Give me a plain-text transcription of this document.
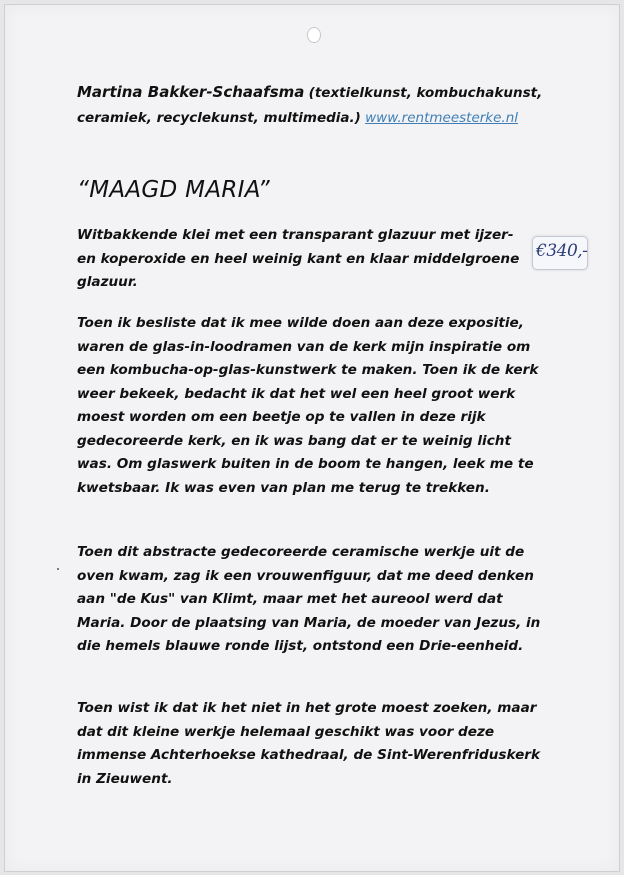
Martina Bakker-Schaafsma (textielkunst, kombuchakunst, ceramiek, recyclekunst, multimedia.) www.rentmeesterke.nl
“MAAGD MARIA”

Witbakkende klei met een transparant glazuur met ijzer- en koperoxide en heel weinig kant en klaar middelgroene glazuur.

€340,-

Toen ik besliste dat ik mee wilde doen aan deze expositie, waren de glas-in-loodramen van de kerk mijn inspiratie om een kombucha-op-glas-kunstwerk te maken. Toen ik de kerk weer bekeek, bedacht ik dat het wel een heel groot werk moest worden om een beetje op te vallen in deze rijk gedecoreerde kerk, en ik was bang dat er te weinig licht was. Om glaswerk buiten in de boom te hangen, leek me te kwetsbaar. Ik was even van plan me terug te trekken.

Toen dit abstracte gedecoreerde ceramische werkje uit de oven kwam, zag ik een vrouwenfiguur, dat me deed denken aan "de Kus" van Klimt, maar met het aureool werd dat Maria. Door de plaatsing van Maria, de moeder van Jezus, in die hemels blauwe ronde lijst, ontstond een Drie-eenheid.

Toen wist ik dat ik het niet in het grote moest zoeken, maar dat dit kleine werkje helemaal geschikt was voor deze immense Achterhoekse kathedraal, de Sint-Werenfriduskerk in Zieuwent.
